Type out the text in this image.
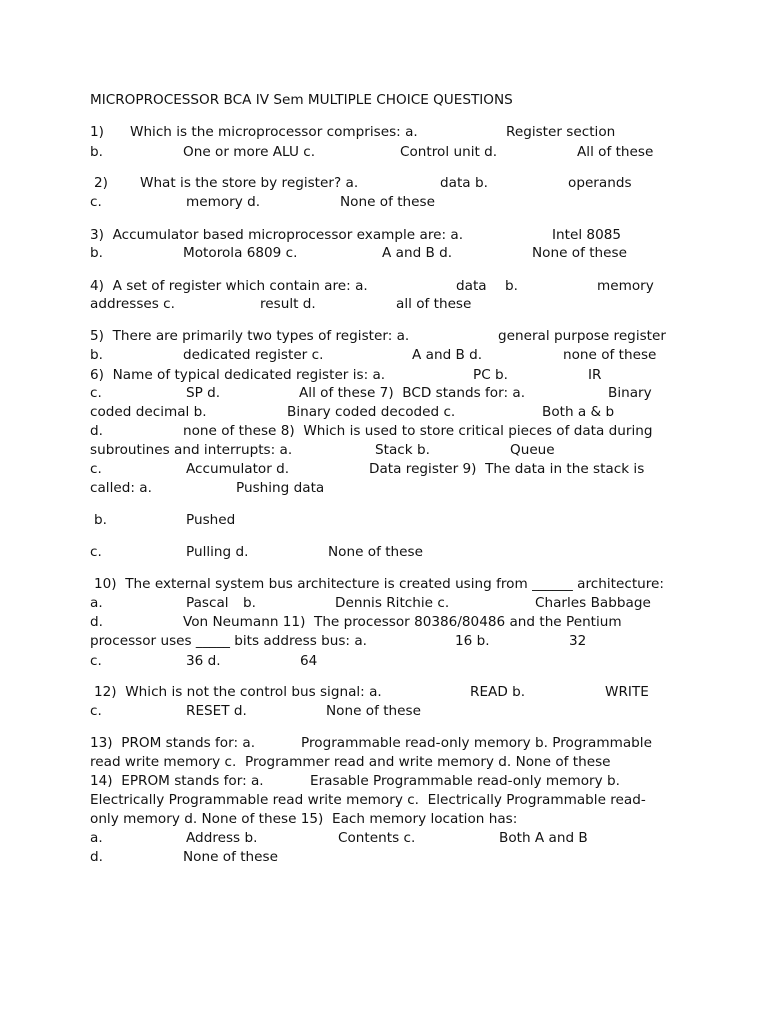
MICROPROCESSOR BCA IV Sem MULTIPLE CHOICE QUESTIONS
1) Which is the microprocessor comprises: a.	Register section
b.	One or more ALU c.	Control unit d.	All of these
2) What is the store by register? a.	data b.	operands
c.	memory d.	None of these
3)  Accumulator based microprocessor example are: a.	Intel 8085
b.	Motorola 6809 c.	A and B d.	None of these
4)  A set of register which contain are: a.	data b.	memory
addresses c.	result d.	all of these
5)  There are primarily two types of register: a.	general purpose register
b.	dedicated register c.	A and B d.	none of these
6)  Name of typical dedicated register is: a.	PC b.	IR
c.	SP d.	All of these 7)  BCD stands for: a.	Binary
coded decimal b.	Binary coded decoded c.	Both a & b
d.	none of these 8)  Which is used to store critical pieces of data during
subroutines and interrupts: a.	Stack b.	Queue
c.	Accumulator d.	Data register 9)  The data in the stack is
called: a.	Pushing data
b.	Pushed
c.	Pulling d.	None of these
10)  The external system bus architecture is created using from ______ architecture:
a.	Pascal b.	Dennis Ritchie c.	Charles Babbage
d.	Von Neumann 11)  The processor 80386/80486 and the Pentium
processor uses _____ bits address bus: a.	16 b.	32
c.	36 d.	64
12)  Which is not the control bus signal: a.	READ b.	WRITE
c.	RESET d.	None of these
13)  PROM stands for: a.	Programmable read-only memory b. Programmable
read write memory c.  Programmer read and write memory d. None of these
14)  EPROM stands for: a.	Erasable Programmable read-only memory b.
Electrically Programmable read write memory c.  Electrically Programmable read-
only memory d. None of these 15)  Each memory location has:
a.	Address b.	Contents c.	Both A and B
d.	None of these
